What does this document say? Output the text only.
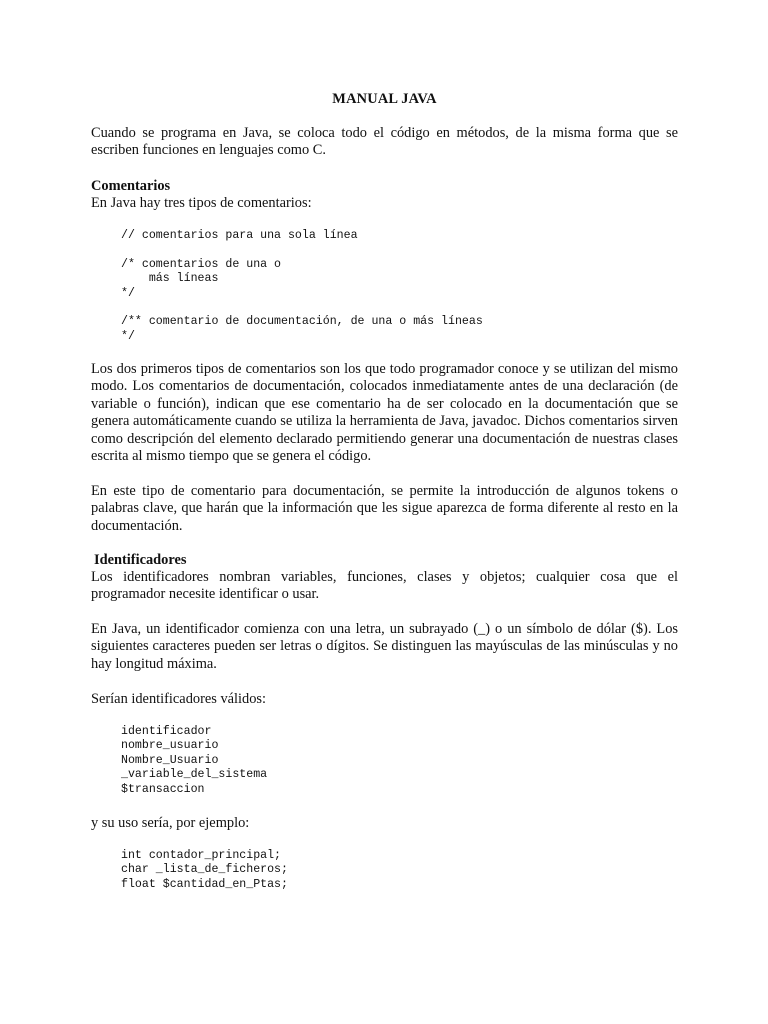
MANUAL JAVA

Cuando se programa en Java, se coloca todo el código en métodos, de la misma forma que se escriben funciones en lenguajes como C.

Comentarios

En Java hay tres tipos de comentarios:

// comentarios para una sola línea

/* comentarios de una o
más líneas
*/

/** comentario de documentación, de una o más líneas
*/

Los dos primeros tipos de comentarios son los que todo programador conoce y se utilizan del mismo modo. Los comentarios de documentación, colocados inmediatamente antes de una declaración (de variable o función), indican que ese comentario ha de ser colocado en la documentación que se genera automáticamente cuando se utiliza la herramienta de Java, javadoc. Dichos comentarios sirven como descripción del elemento declarado permitiendo generar una documentación de nuestras clases escrita al mismo tiempo que se genera el código.

En este tipo de comentario para documentación, se permite la introducción de algunos tokens o palabras clave, que harán que la información que les sigue aparezca de forma diferente al resto en la documentación.

Identificadores

Los identificadores nombran variables, funciones, clases y objetos; cualquier cosa que el programador necesite identificar o usar.

En Java, un identificador comienza con una letra, un subrayado (_) o un símbolo de dólar ($). Los siguientes caracteres pueden ser letras o dígitos. Se distinguen las mayúsculas de las minúsculas y no hay longitud máxima.

Serían identificadores válidos:

identificador
nombre_usuario
Nombre_Usuario
_variable_del_sistema
$transaccion

y su uso sería, por ejemplo:

int contador_principal;
char _lista_de_ficheros;
float $cantidad_en_Ptas;
